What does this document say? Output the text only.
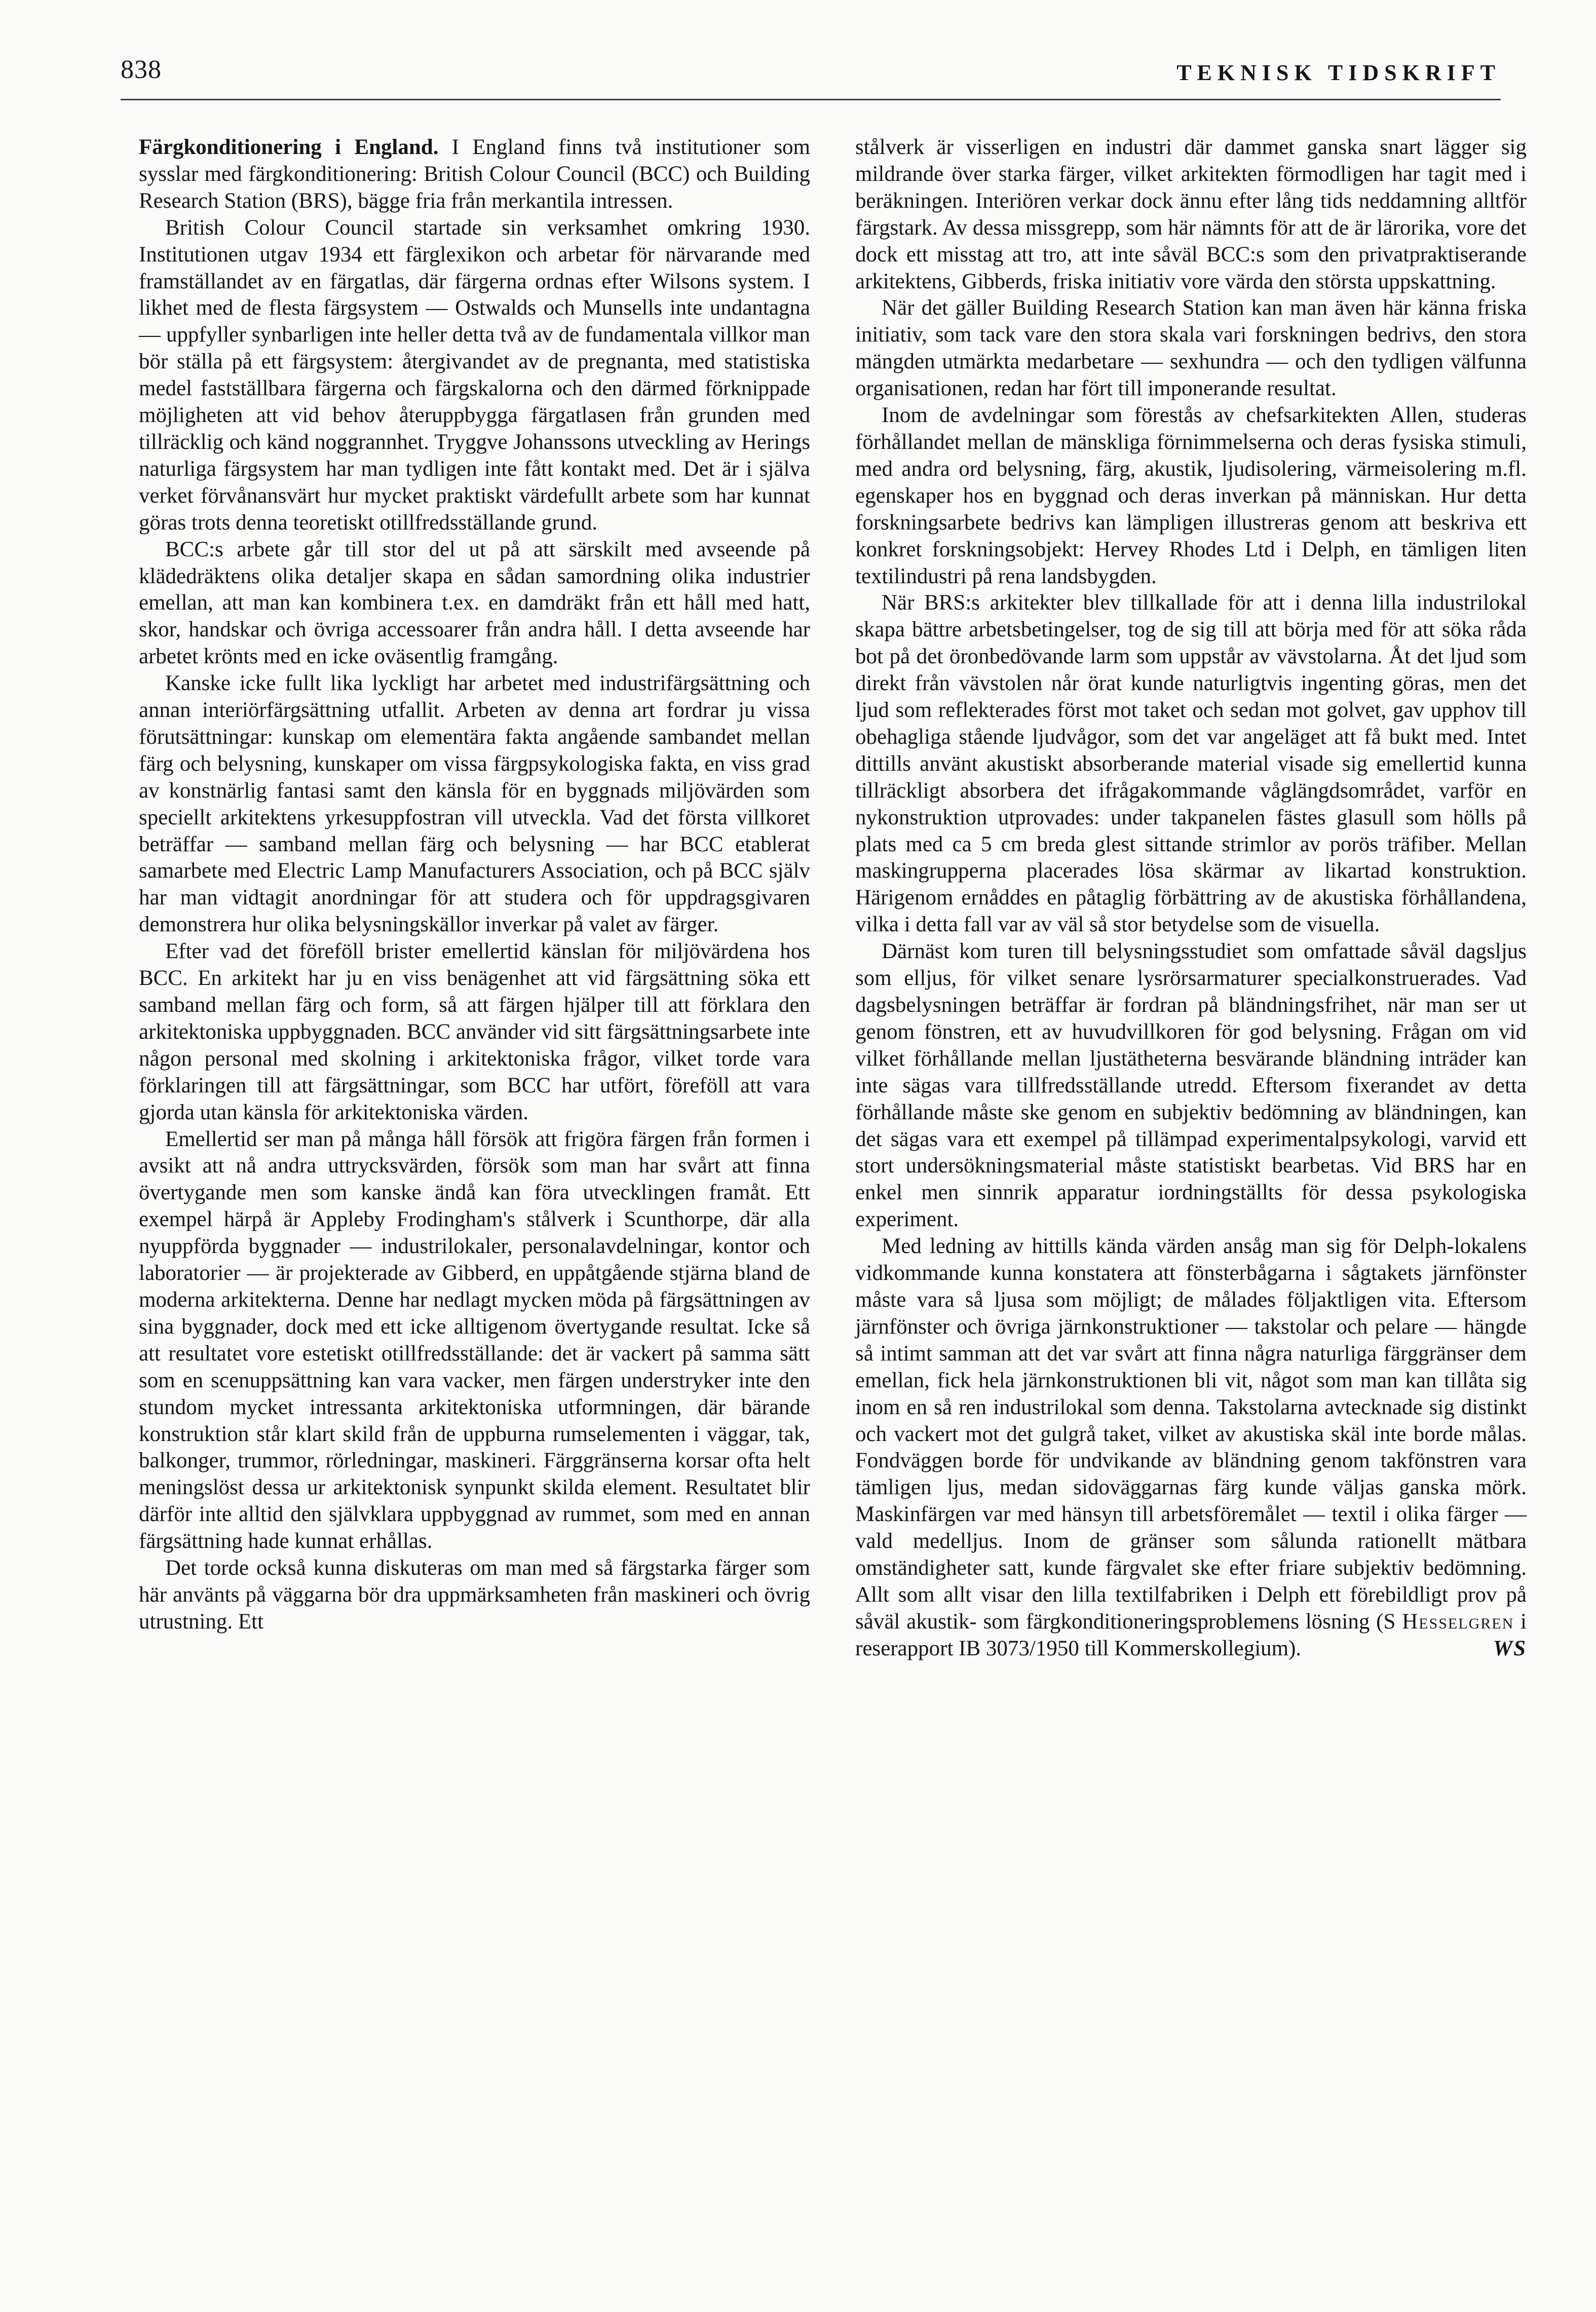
838	TEKNISK TIDSKRIFT

Färgkonditionering i England. I England finns två institutioner som sysslar med färgkonditionering: British Colour Council (BCC) och Building Research Station (BRS), bägge fria från merkantila intressen.

British Colour Council startade sin verksamhet omkring 1930. Institutionen utgav 1934 ett färglexikon och arbetar för närvarande med framställandet av en färgatlas, där färgerna ordnas efter Wilsons system. I likhet med de flesta färgsystem — Ostwalds och Munsells inte undantagna — uppfyller synbarligen inte heller detta två av de fundamentala villkor man bör ställa på ett färgsystem: återgivandet av de pregnanta, med statistiska medel fastställbara färgerna och färgskalorna och den därmed förknippade möjligheten att vid behov återuppbygga färgatlasen från grunden med tillräcklig och känd noggrannhet. Tryggve Johanssons utveckling av Herings naturliga färgsystem har man tydligen inte fått kontakt med. Det är i själva verket förvånansvärt hur mycket praktiskt värdefullt arbete som har kunnat göras trots denna teoretiskt otillfredsställande grund.

BCC:s arbete går till stor del ut på att särskilt med avseende på klädedräktens olika detaljer skapa en sådan samordning olika industrier emellan, att man kan kombinera t.ex. en damdräkt från ett håll med hatt, skor, handskar och övriga accessoarer från andra håll. I detta avseende har arbetet krönts med en icke oväsentlig framgång.

Kanske icke fullt lika lyckligt har arbetet med industrifärgsättning och annan interiörfärgsättning utfallit. Arbeten av denna art fordrar ju vissa förutsättningar: kunskap om elementära fakta angående sambandet mellan färg och belysning, kunskaper om vissa färgpsykologiska fakta, en viss grad av konstnärlig fantasi samt den känsla för en byggnads miljövärden som speciellt arkitektens yrkesuppfostran vill utveckla. Vad det första villkoret beträffar — samband mellan färg och belysning — har BCC etablerat samarbete med Electric Lamp Manufacturers Association, och på BCC själv har man vidtagit anordningar för att studera och för uppdragsgivaren demonstrera hur olika belysningskällor inverkar på valet av färger.

Efter vad det föreföll brister emellertid känslan för miljövärdena hos BCC. En arkitekt har ju en viss benägenhet att vid färgsättning söka ett samband mellan färg och form, så att färgen hjälper till att förklara den arkitektoniska uppbyggnaden. BCC använder vid sitt färgsättningsarbete inte någon personal med skolning i arkitektoniska frågor, vilket torde vara förklaringen till att färgsättningar, som BCC har utfört, föreföll att vara gjorda utan känsla för arkitektoniska värden.

Emellertid ser man på många håll försök att frigöra färgen från formen i avsikt att nå andra uttrycksvärden, försök som man har svårt att finna övertygande men som kanske ändå kan föra utvecklingen framåt. Ett exempel härpå är Appleby Frodingham's stålverk i Scunthorpe, där alla nyuppförda byggnader — industrilokaler, personalavdelningar, kontor och laboratorier — är projekterade av Gibberd, en uppåtgående stjärna bland de moderna arkitekterna. Denne har nedlagt mycken möda på färgsättningen av sina byggnader, dock med ett icke alltigenom övertygande resultat. Icke så att resultatet vore estetiskt otillfredsställande: det är vackert på samma sätt som en scenuppsättning kan vara vacker, men färgen understryker inte den stundom mycket intressanta arkitektoniska utformningen, där bärande konstruktion står klart skild från de uppburna rumselementen i väggar, tak, balkonger, trummor, rörledningar, maskineri. Färggränserna korsar ofta helt meningslöst dessa ur arkitektonisk synpunkt skilda element. Resultatet blir därför inte alltid den självklara uppbyggnad av rummet, som med en annan färgsättning hade kunnat erhållas.

Det torde också kunna diskuteras om man med så färgstarka färger som här använts på väggarna bör dra uppmärksamheten från maskineri och övrig utrustning. Ett

stålverk är visserligen en industri där dammet ganska snart lägger sig mildrande över starka färger, vilket arkitekten förmodligen har tagit med i beräkningen. Interiören verkar dock ännu efter lång tids neddamning alltför färgstark. Av dessa missgrepp, som här nämnts för att de är lärorika, vore det dock ett misstag att tro, att inte såväl BCC:s som den privatpraktiserande arkitektens, Gibberds, friska initiativ vore värda den största uppskattning.

När det gäller Building Research Station kan man även här känna friska initiativ, som tack vare den stora skala vari forskningen bedrivs, den stora mängden utmärkta medarbetare — sexhundra — och den tydligen välfunna organisationen, redan har fört till imponerande resultat.

Inom de avdelningar som förestås av chefsarkitekten Allen, studeras förhållandet mellan de mänskliga förnimmelserna och deras fysiska stimuli, med andra ord belysning, färg, akustik, ljudisolering, värmeisolering m.fl. egenskaper hos en byggnad och deras inverkan på människan. Hur detta forskningsarbete bedrivs kan lämpligen illustreras genom att beskriva ett konkret forskningsobjekt: Hervey Rhodes Ltd i Delph, en tämligen liten textilindustri på rena landsbygden.

När BRS:s arkitekter blev tillkallade för att i denna lilla industrilokal skapa bättre arbetsbetingelser, tog de sig till att börja med för att söka råda bot på det öronbedövande larm som uppstår av vävstolarna. Åt det ljud som direkt från vävstolen når örat kunde naturligtvis ingenting göras, men det ljud som reflekterades först mot taket och sedan mot golvet, gav upphov till obehagliga stående ljudvågor, som det var angeläget att få bukt med. Intet dittills använt akustiskt absorberande material visade sig emellertid kunna tillräckligt absorbera det ifrågakommande våglängdsområdet, varför en nykonstruktion utprovades: under takpanelen fästes glasull som hölls på plats med ca 5 cm breda glest sittande strimlor av porös träfiber. Mellan maskingrupperna placerades lösa skärmar av likartad konstruktion. Härigenom ernåddes en påtaglig förbättring av de akustiska förhållandena, vilka i detta fall var av väl så stor betydelse som de visuella.

Därnäst kom turen till belysningsstudiet som omfattade såväl dagsljus som elljus, för vilket senare lysrörsarmaturer specialkonstruerades. Vad dagsbelysningen beträffar är fordran på bländningsfrihet, när man ser ut genom fönstren, ett av huvudvillkoren för god belysning. Frågan om vid vilket förhållande mellan ljustätheterna besvärande bländning inträder kan inte sägas vara tillfredsställande utredd. Eftersom fixerandet av detta förhållande måste ske genom en subjektiv bedömning av bländningen, kan det sägas vara ett exempel på tillämpad experimentalpsykologi, varvid ett stort undersökningsmaterial måste statistiskt bearbetas. Vid BRS har en enkel men sinnrik apparatur iordningställts för dessa psykologiska experiment.

Med ledning av hittills kända värden ansåg man sig för Delph-lokalens vidkommande kunna konstatera att fönsterbågarna i sågtakets järnfönster måste vara så ljusa som möjligt; de målades följaktligen vita. Eftersom järnfönster och övriga järnkonstruktioner — takstolar och pelare — hängde så intimt samman att det var svårt att finna några naturliga färggränser dem emellan, fick hela järnkonstruktionen bli vit, något som man kan tillåta sig inom en så ren industrilokal som denna. Takstolarna avtecknade sig distinkt och vackert mot det gulgrå taket, vilket av akustiska skäl inte borde målas. Fondväggen borde för undvikande av bländning genom takfönstren vara tämligen ljus, medan sidoväggarnas färg kunde väljas ganska mörk. Maskinfärgen var med hänsyn till arbetsföremålet — textil i olika färger — vald medelljus. Inom de gränser som sålunda rationellt mätbara omständigheter satt, kunde färgvalet ske efter friare subjektiv bedömning. Allt som allt visar den lilla textilfabriken i Delph ett förebildligt prov på såväl akustik- som färgkonditioneringsproblemens lösning (S Hesselgren i reserapport IB 3073/1950 till Kommerskollegium).	WS
